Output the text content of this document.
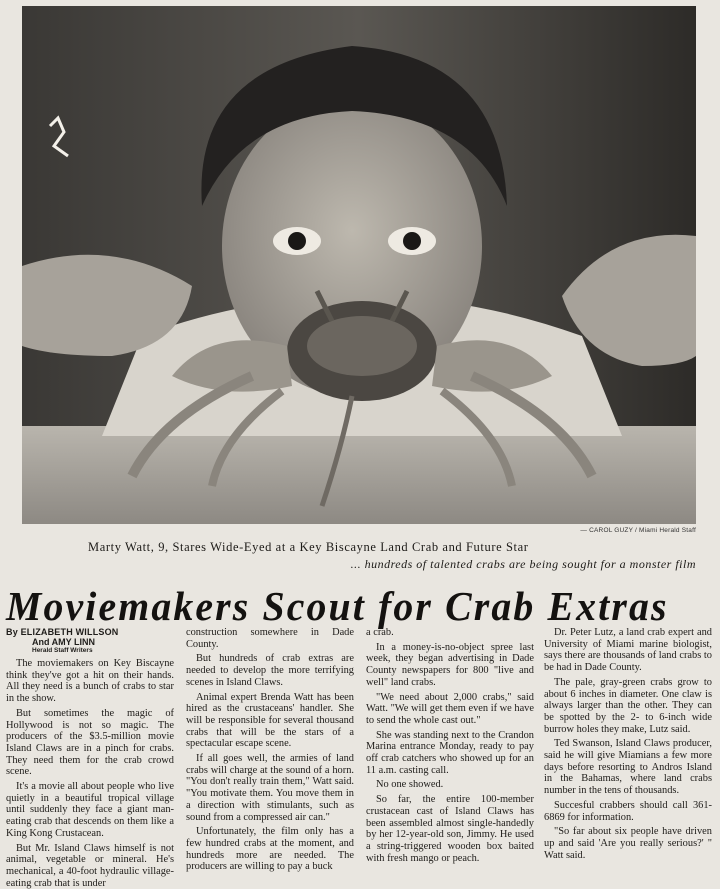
— CAROL GUZY / Miami Herald Staff
Marty Watt, 9, Stares Wide-Eyed at a Key Biscayne Land Crab and Future Star
... hundreds of talented crabs are being sought for a monster film
Moviemakers Scout for Crab Extras
By ELIZABETH WILLSON
And AMY LINN
Herald Staff Writers

The moviemakers on Key Biscayne think they've got a hit on their hands. All they need is a bunch of crabs to star in the show.

But sometimes the magic of Hollywood is not so magic. The producers of the $3.5-million movie Island Claws are in a pinch for crabs. They need them for the crab crowd scene.

It's a movie all about people who live quietly in a beautiful tropical village until suddenly they face a giant man-eating crab that descends on them like a King Kong Crustacean.

But Mr. Island Claws himself is not animal, vegetable or mineral. He's mechanical, a 40-foot hydraulic village-eating crab that is under

construction somewhere in Dade County.

But hundreds of crab extras are needed to develop the more terrifying scenes in Island Claws.

Animal expert Brenda Watt has been hired as the crustaceans' handler. She will be responsible for several thousand crabs that will be the stars of a spectacular escape scene.

If all goes well, the armies of land crabs will charge at the sound of a horn. "You don't really train them," Watt said. "You motivate them. You move them in a direction with stimulants, such as sound from a compressed air can."

Unfortunately, the film only has a few hundred crabs at the moment, and hundreds more are needed. The producers are willing to pay a buck

a crab.

In a money-is-no-object spree last week, they began advertising in Dade County newspapers for 800 "live and well" land crabs.

"We need about 2,000 crabs," said Watt. "We will get them even if we have to send the whole cast out."

She was standing next to the Crandon Marina entrance Monday, ready to pay off crab catchers who showed up for an 11 a.m. casting call.

No one showed.

So far, the entire 100-member crustacean cast of Island Claws has been assembled almost single-handedly by her 12-year-old son, Jimmy. He used a string-triggered wooden box baited with fresh mango or peach.

Dr. Peter Lutz, a land crab expert and University of Miami marine biologist, says there are thousands of land crabs to be had in Dade County.

The pale, gray-green crabs grow to about 6 inches in diameter. One claw is always larger than the other. They can be spotted by the 2- to 6-inch wide burrow holes they make, Lutz said.

Ted Swanson, Island Claws producer, said he will give Miamians a few more days before resorting to Andros Island in the Bahamas, where land crabs number in the tens of thousands.

Succesful crabbers should call 361-6869 for information.

"So far about six people have driven up and said 'Are you really serious?' " Watt said.
